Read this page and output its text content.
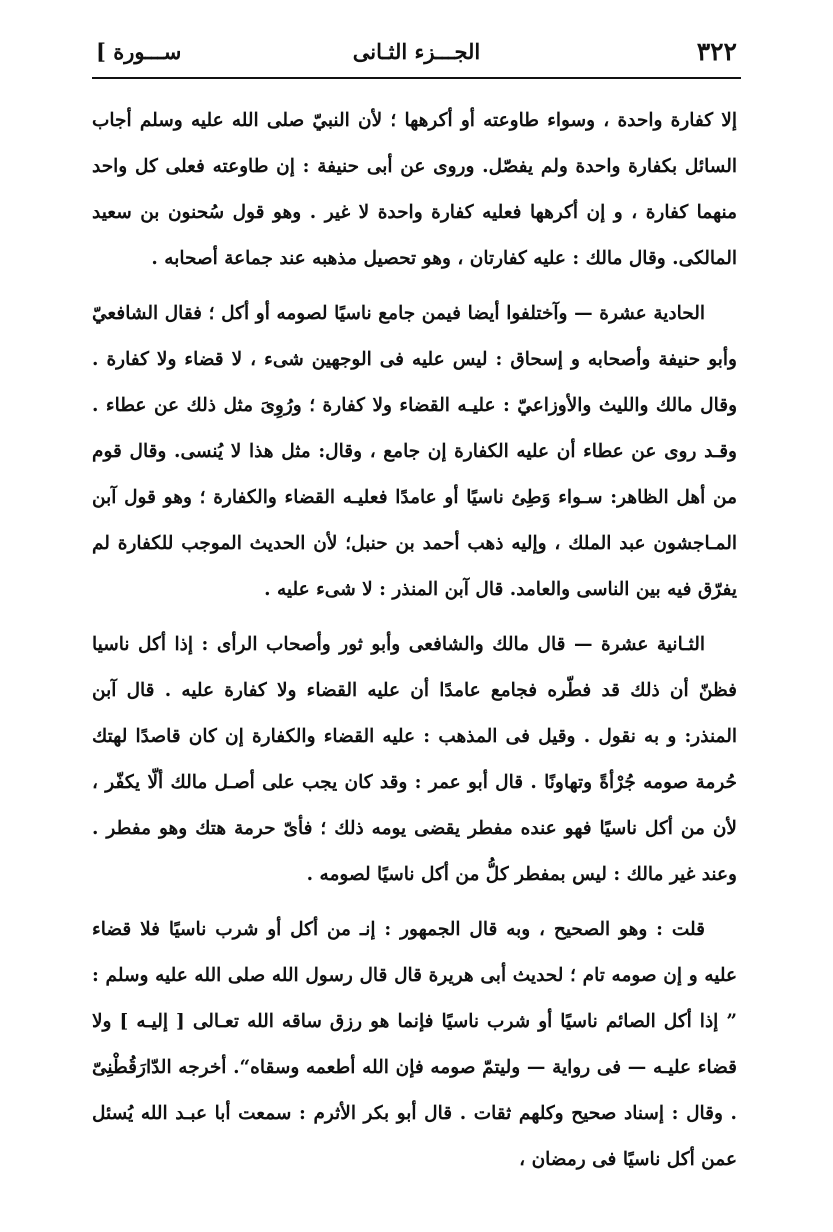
٣٢٢
الجـــزء الثـانى
[ ســـورة

إلا كفارة واحدة ، وسواء طاوعته أو أكرهها ؛ لأن النبيّ صلى الله عليه وسلم أجاب السائل بكفارة واحدة ولم يفصّل. وروى عن أبى حنيفة : إن طاوعته فعلى كل واحد منهما كفارة ، و إن أكرهها فعليه كفارة واحدة لا غير . وهو قول سُحنون بن سعيد المالكى. وقال مالك : عليه كفارتان ، وهو تحصيل مذهبه عند جماعة أصحابه .

الحادية عشرة — وآختلفوا أيضا فيمن جامع ناسيًا لصومه أو أكل ؛ فقال الشافعيّ وأبو حنيفة وأصحابه و إسحاق : ليس عليه فى الوجهين شىء ، لا قضاء ولا كفارة . وقال مالك والليث والأوزاعيّ : عليـه القضاء ولا كفارة ؛ ورُوِىَ مثل ذلك عن عطاء . وقـد روى عن عطاء أن عليه الكفارة إن جامع ، وقال: مثل هذا لا يُنسى. وقال قوم من أهل الظاهر: سـواء وَطِئ ناسيًا أو عامدًا فعليـه القضاء والكفارة ؛ وهو قول آبن المـاجشون عبد الملك ، وإليه ذهب أحمد بن حنبل؛ لأن الحديث الموجب للكفارة لم يفرّق فيه بين الناسى والعامد. قال آبن المنذر : لا شىء عليه .

الثـانية عشرة — قال مالك والشافعى وأبو ثور وأصحاب الرأى : إذا أكل ناسيا فظنّ أن ذلك قد فطّره فجامع عامدًا أن عليه القضاء ولا كفارة عليه . قال آبن المنذر: و به نقول . وقيل فى المذهب : عليه القضاء والكفارة إن كان قاصدًا لهتك حُرمة صومه جُرْأةً وتهاونًا . قال أبو عمر : وقد كان يجب على أصـل مالك ألّا يكفّر ، لأن من أكل ناسيًا فهو عنده مفطر يقضى يومه ذلك ؛ فأىّ حرمة هتك وهو مفطر . وعند غير مالك : ليس بمفطر كلُّ من أكل ناسيًا لصومه .

قلت : وهو الصحيح ، وبه قال الجمهور : إنـ من أكل أو شرب ناسيًا فلا قضاء عليه و إن صومه تام ؛ لحديث أبى هريرة قال قال رسول الله صلى الله عليه وسلم : ” إذا أكل الصائم ناسيًا أو شرب ناسيًا فإنما هو رزق ساقه الله تعـالى [ إليـه ] ولا قضاء عليـه — فى رواية — وليتمّ صومه فإن الله أطعمه وسقاه“. أخرجه الدّارَقُطْنِىّ . وقال : إسناد صحيح وكلهم ثقات . قال أبو بكر الأثرم : سمعت أبا عبـد الله يُسئل عمن أكل ناسيًا فى رمضان ،
